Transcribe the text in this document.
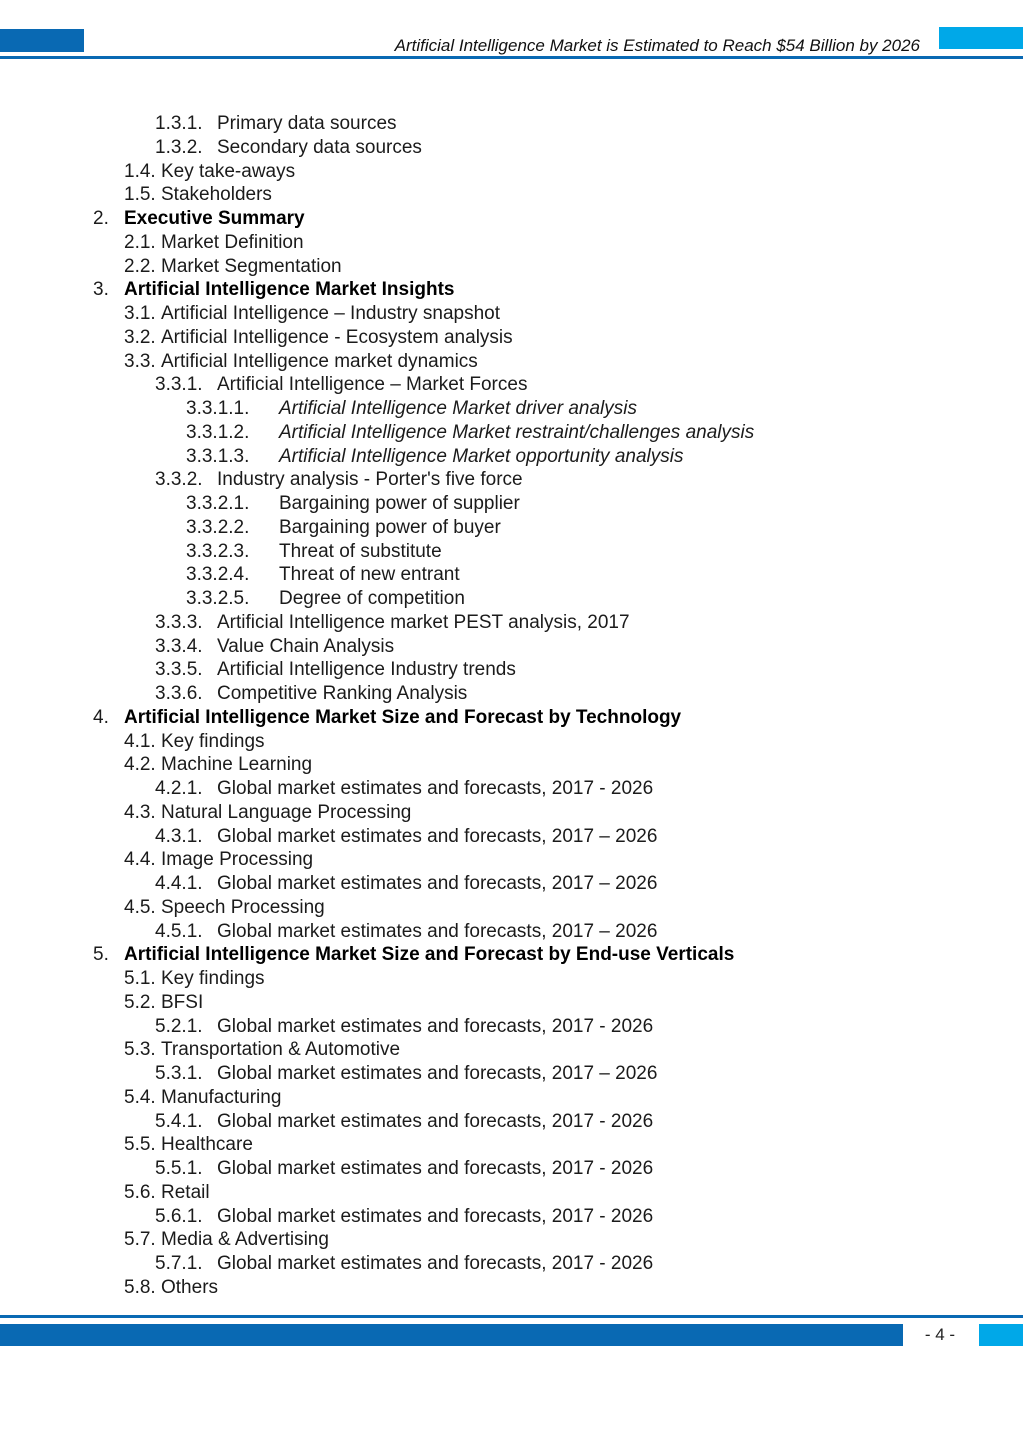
Artificial Intelligence Market is Estimated to Reach $54 Billion by 2026
1.3.1. Primary data sources
1.3.2. Secondary data sources
1.4. Key take-aways
1.5. Stakeholders
2. Executive Summary
2.1. Market Definition
2.2. Market Segmentation
3. Artificial Intelligence Market Insights
3.1. Artificial Intelligence – Industry snapshot
3.2. Artificial Intelligence - Ecosystem analysis
3.3. Artificial Intelligence market dynamics
3.3.1. Artificial Intelligence – Market Forces
3.3.1.1. Artificial Intelligence Market driver analysis
3.3.1.2. Artificial Intelligence Market restraint/challenges analysis
3.3.1.3. Artificial Intelligence Market opportunity analysis
3.3.2. Industry analysis - Porter's five force
3.3.2.1. Bargaining power of supplier
3.3.2.2. Bargaining power of buyer
3.3.2.3. Threat of substitute
3.3.2.4. Threat of new entrant
3.3.2.5. Degree of competition
3.3.3. Artificial Intelligence market PEST analysis, 2017
3.3.4. Value Chain Analysis
3.3.5. Artificial Intelligence Industry trends
3.3.6. Competitive Ranking Analysis
4. Artificial Intelligence Market Size and Forecast by Technology
4.1. Key findings
4.2. Machine Learning
4.2.1. Global market estimates and forecasts, 2017 - 2026
4.3. Natural Language Processing
4.3.1. Global market estimates and forecasts, 2017 – 2026
4.4. Image Processing
4.4.1. Global market estimates and forecasts, 2017 – 2026
4.5. Speech Processing
4.5.1. Global market estimates and forecasts, 2017 – 2026
5. Artificial Intelligence Market Size and Forecast by End-use Verticals
5.1. Key findings
5.2. BFSI
5.2.1. Global market estimates and forecasts, 2017 - 2026
5.3. Transportation & Automotive
5.3.1. Global market estimates and forecasts, 2017 – 2026
5.4. Manufacturing
5.4.1. Global market estimates and forecasts, 2017 - 2026
5.5. Healthcare
5.5.1. Global market estimates and forecasts, 2017 - 2026
5.6. Retail
5.6.1. Global market estimates and forecasts, 2017 - 2026
5.7. Media & Advertising
5.7.1. Global market estimates and forecasts, 2017 - 2026
5.8. Others
- 4 -
